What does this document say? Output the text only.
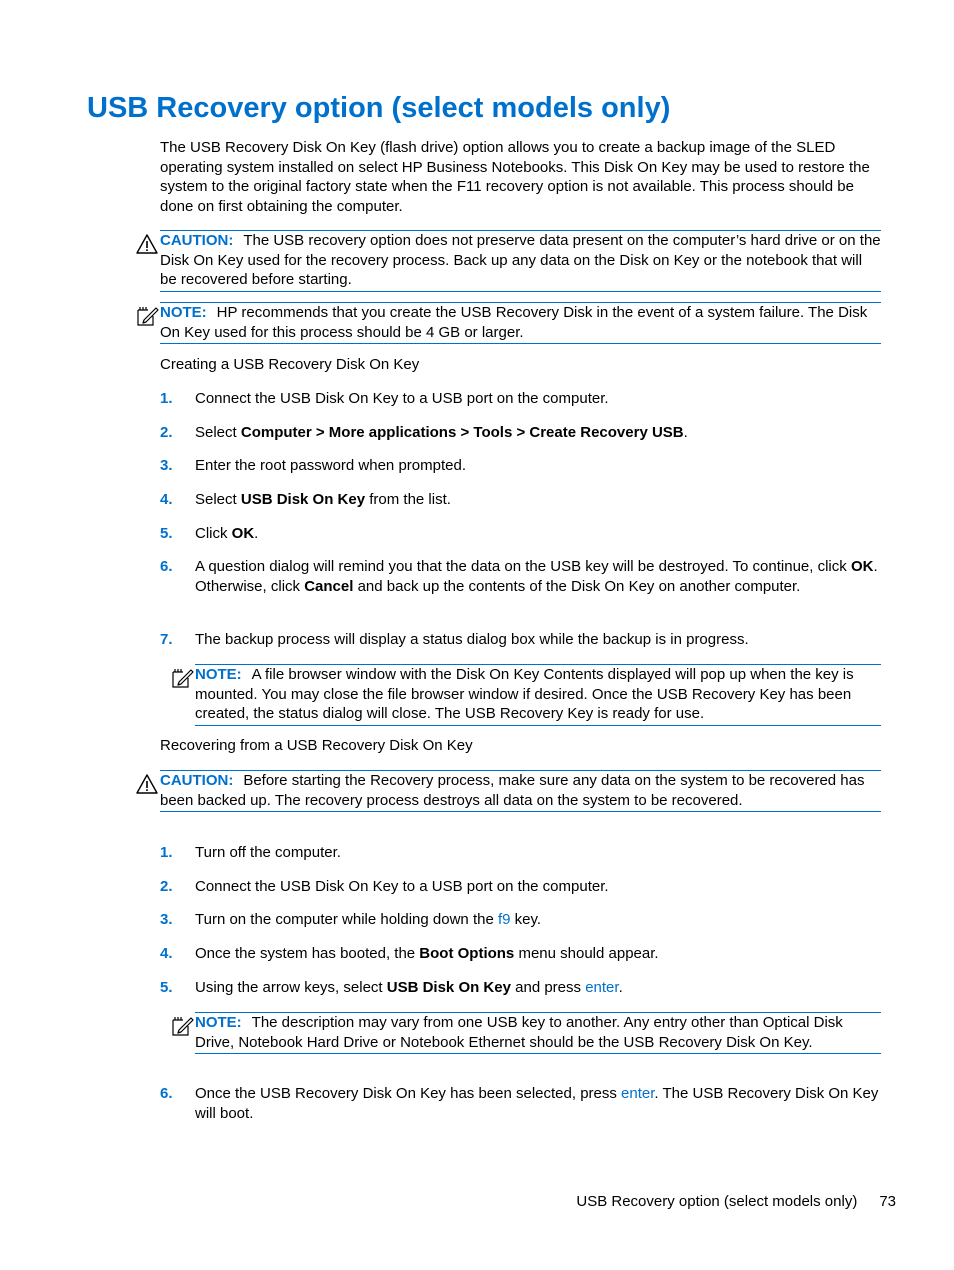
USB Recovery option (select models only)

The USB Recovery Disk On Key (flash drive) option allows you to create a backup image of the SLED operating system installed on select HP Business Notebooks. This Disk On Key may be used to restore the system to the original factory state when the F11 recovery option is not available. This process should be done on first obtaining the computer.

CAUTION: The USB recovery option does not preserve data present on the computer’s hard drive or on the Disk On Key used for the recovery process. Back up any data on the Disk on Key or the notebook that will be recovered before starting.
NOTE: HP recommends that you create the USB Recovery Disk in the event of a system failure. The Disk On Key used for this process should be 4 GB or larger.

Creating a USB Recovery Disk On Key

1.	Connect the USB Disk On Key to a USB port on the computer.
2.	Select Computer > More applications > Tools > Create Recovery USB.
3.	Enter the root password when prompted.
4.	Select USB Disk On Key from the list.
5.	Click OK.
6.	A question dialog will remind you that the data on the USB key will be destroyed. To continue, click OK. Otherwise, click Cancel and back up the contents of the Disk On Key on another computer.
7.	The backup process will display a status dialog box while the backup is in progress.
NOTE: A file browser window with the Disk On Key Contents displayed will pop up when the key is mounted. You may close the file browser window if desired. Once the USB Recovery Key has been created, the status dialog will close. The USB Recovery Key is ready for use.

Recovering from a USB Recovery Disk On Key

CAUTION: Before starting the Recovery process, make sure any data on the system to be recovered has been backed up. The recovery process destroys all data on the system to be recovered.
1.	Turn off the computer.
2.	Connect the USB Disk On Key to a USB port on the computer.
3.	Turn on the computer while holding down the f9 key.
4.	Once the system has booted, the Boot Options menu should appear.
5.	Using the arrow keys, select USB Disk On Key and press enter.
NOTE: The description may vary from one USB key to another. Any entry other than Optical Disk Drive, Notebook Hard Drive or Notebook Ethernet should be the USB Recovery Disk On Key.
6.	Once the USB Recovery Disk On Key has been selected, press enter. The USB Recovery Disk On Key will boot.
USB Recovery option (select models only) 73
